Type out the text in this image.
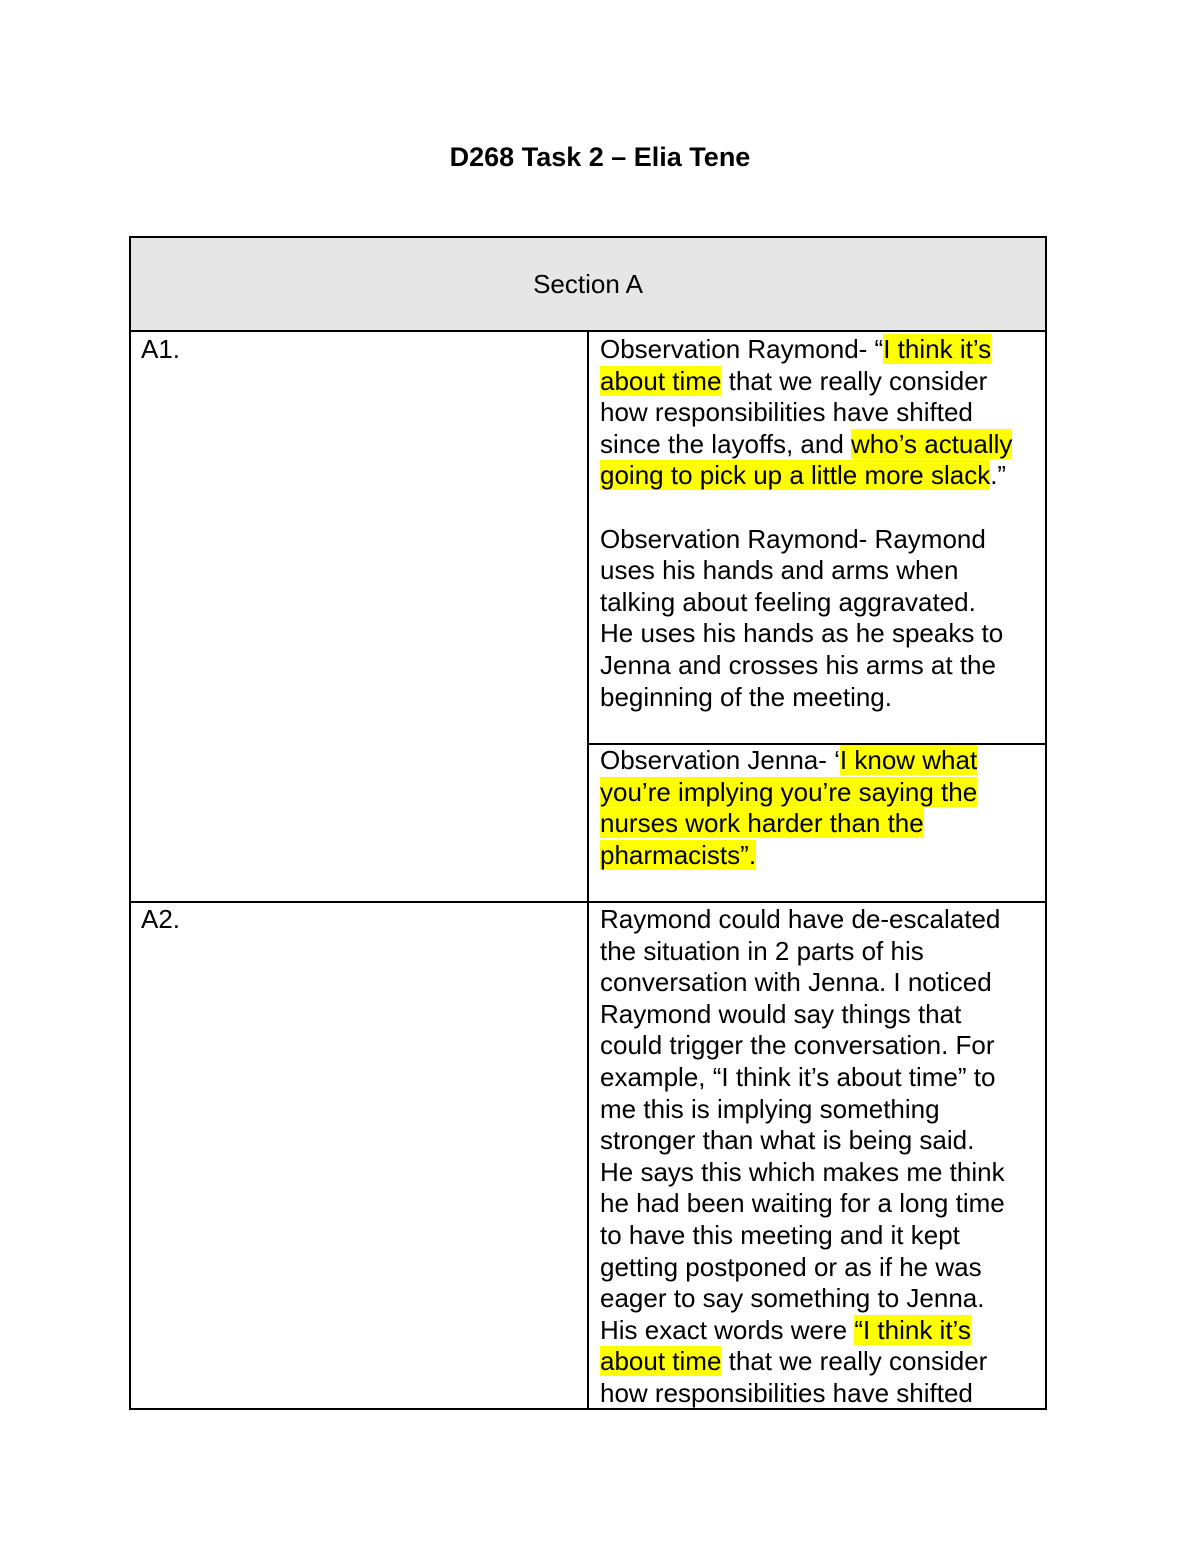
D268 Task 2 – Elia Tene
Section A
A1.	Observation Raymond- “I think it’s
about time that we really consider
how responsibilities have shifted
since the layoffs, and who’s actually
going to pick up a little more slack.”
Observation Raymond- Raymond
uses his hands and arms when
talking about feeling aggravated.
He uses his hands as he speaks to
Jenna and crosses his arms at the
beginning of the meeting.
Observation Jenna- ‘I know what
you’re implying you’re saying the
nurses work harder than the
pharmacists”.
A2.	Raymond could have de-escalated
the situation in 2 parts of his
conversation with Jenna. I noticed
Raymond would say things that
could trigger the conversation. For
example, “I think it’s about time” to
me this is implying something
stronger than what is being said.
He says this which makes me think
he had been waiting for a long time
to have this meeting and it kept
getting postponed or as if he was
eager to say something to Jenna.
His exact words were “I think it’s
about time that we really consider
how responsibilities have shifted
